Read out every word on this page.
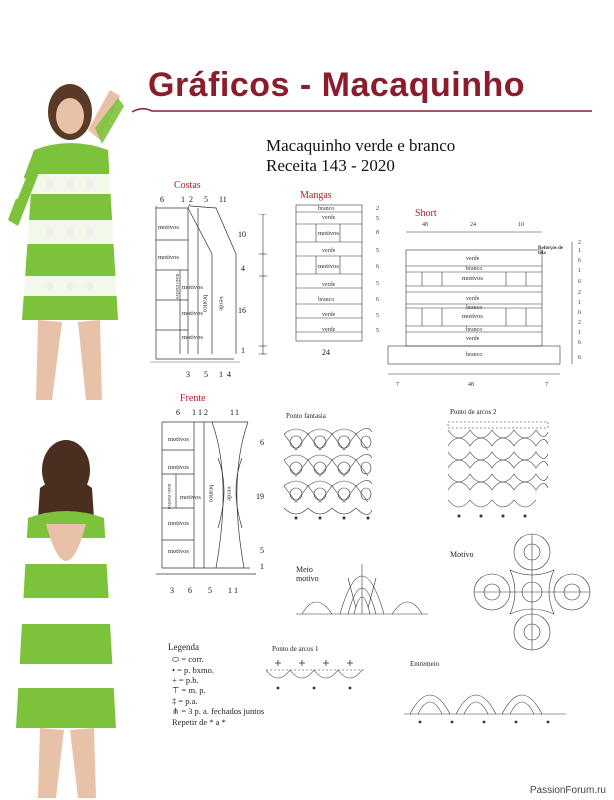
Gráficos - Macaquinho
Macaquinho verde e branco
Receita 143 - 2020
Costas
6 1 2 5 11
motivos
motivos
motivos
motivos
motivos
verde
branco
meio motivo
3 5 1 4
10
4
16
1
Mangas
branco
verde
motivos
verde
motivos
verde
branco
verde
verde
2
5
8
5
6
5
6
5
5
24
Short
48	24	10
verde
branco
motivos
verde
branco
motivos
branco
verde
branco
Reforços de tela
2
1
6
1
6
2
1
6
2
1
6
6
7	48	7
Frente
6 1 1 2	1 1
motivos
motivos
motivos
motivos
motivos
meio motivo	verde
branco
6
19
5
1
3 6 5 1 1
Ponto fantasia	Ponto de arcos 2
Meio
motivo
Motivo
Ponto de arcos 1
Entremeio
Legenda
⬭ = corr.
• = p. bxmo.
+ = p.b.
⊤ = m. p.
‡ = p.a.
⋔ = 3 p. a. fechados juntos
Repetir de * a *
PassionForum.ru
